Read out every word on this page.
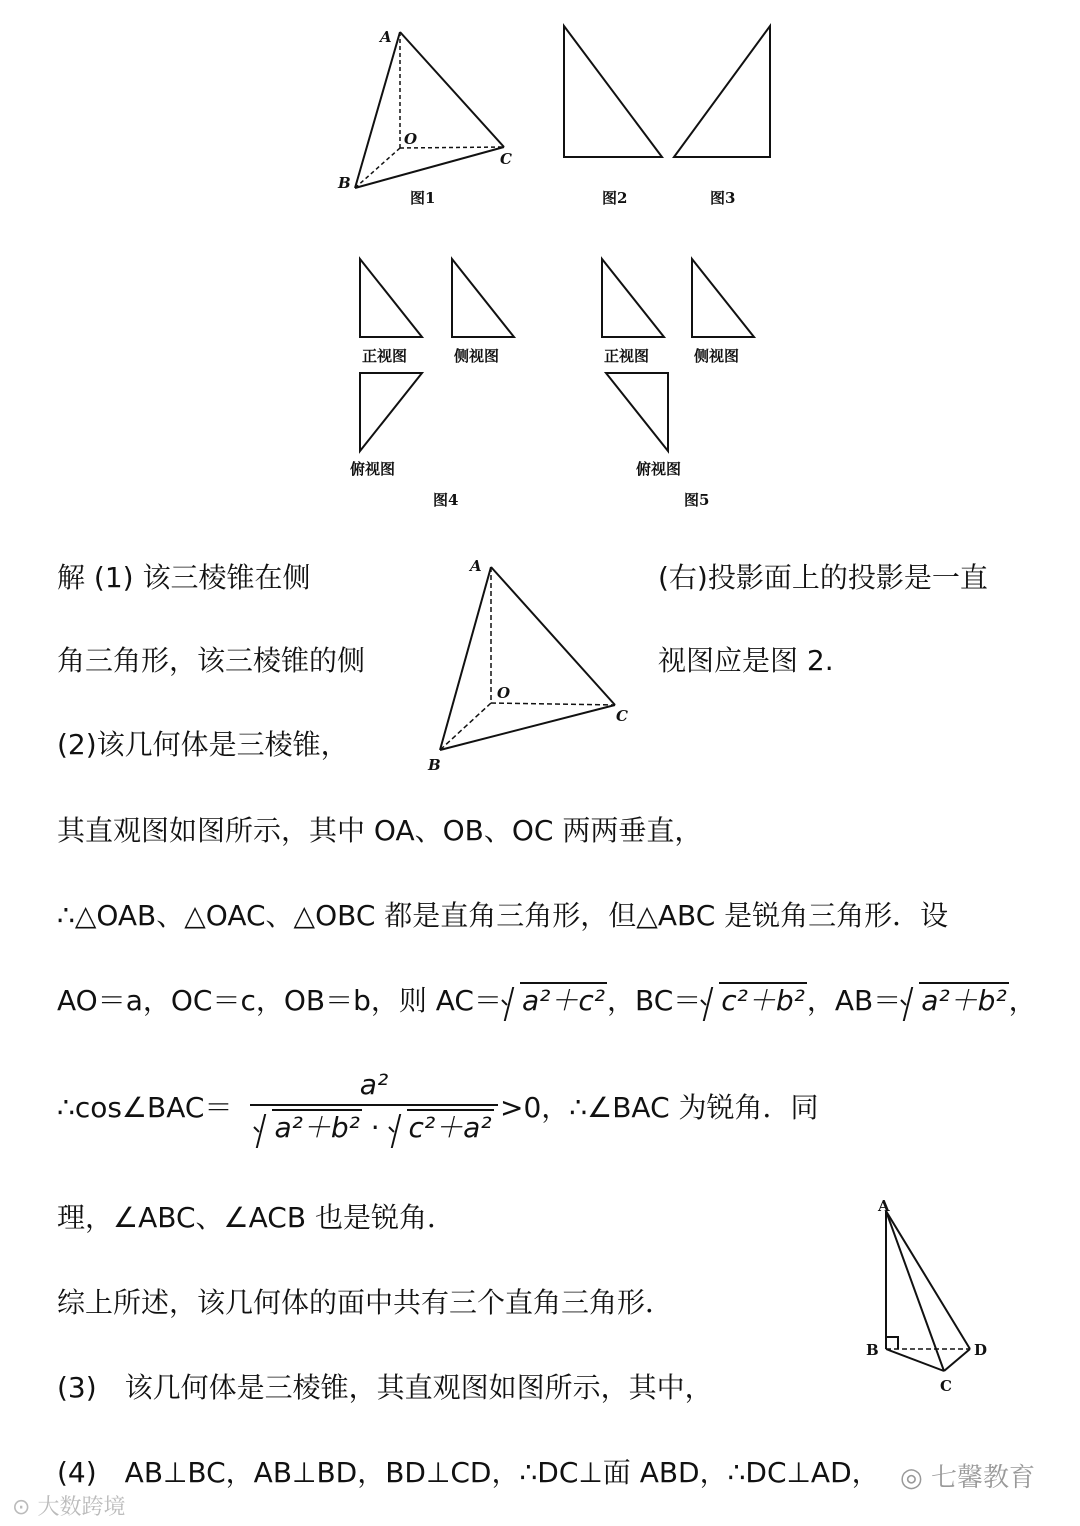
A
B
C
O
图1	图2	图3
正视图	侧视图
俯视图
图4
正视图	侧视图
俯视图
图5
A
B
C
O
A
B
C
D
解 (1) 该三棱锥在侧	(右)投影面上的投影是一直
角三角形，该三棱锥的侧	视图应是图 2.
(2)该几何体是三棱锥，
其直观图如图所示，其中 OA、OB、OC 两两垂直，
∴△OAB、△OAC、△OBC 都是直角三角形，但△ABC 是锐角三角形．设
AO＝a，OC＝c，OB＝b，则 AC＝ a²＋c²，BC＝ c²＋b²，AB＝ a²＋b²，
∴cos∠BAC＝
a²
a²＋b² · c²＋a²
>0，∴∠BAC 为锐角．同
理，∠ABC、∠ACB 也是锐角．
综上所述，该几何体的面中共有三个直角三角形．
(3)　该几何体是三棱锥，其直观图如图所示，其中，
(4)　AB⊥BC，AB⊥BD，BD⊥CD，∴DC⊥面 ABD，∴DC⊥AD，
⊙ 大数跨境
◎ 七馨教育
